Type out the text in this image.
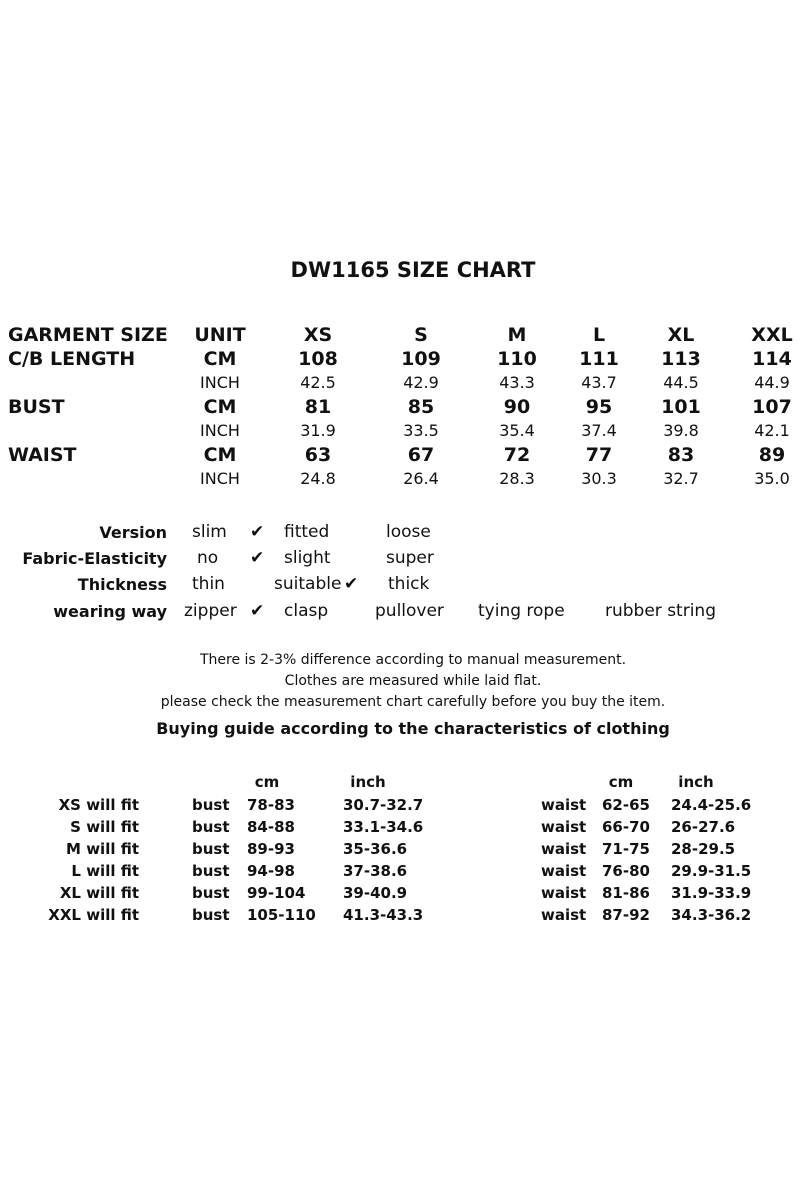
DW1165 SIZE CHART
GARMENT SIZE UNIT	XS	S	M	L	XL	XXL
C/B LENGTH	CM	108	109	110 111 113	114
INCH	42.5	42.9	43.3	43.7	44.5	44.9
BUST	CM	81	85	90	95	101	107
INCH	31.9	33.5	35.4	37.4	39.8	42.1
WAIST	CM	63	67	72	77	83	89
INCH	24.8	26.4	28.3	30.3	32.7	35.0
Version slim ✔ fitted	loose
Fabric-Elasticity no ✔ slight	super
Thickness thin	suitable ✔ thick
wearing way zipper ✔ clasp	pullover tying rope rubber string
There is 2-3% difference according to manual measurement.
Clothes are measured while laid flat.
please check the measurement chart carefully before you buy the item.
Buying guide according to the characteristics of clothing
cm	inch	cm	inch
XS will fit	bust 78-83	30.7-32.7	waist 62-65 24.4-25.6
S will fit	bust 84-88	33.1-34.6	waist 66-70 26-27.6
M will fit	bust 89-93	35-36.6	waist 71-75 28-29.5
L will fit	bust 94-98	37-38.6	waist 76-80 29.9-31.5
XL will fit	bust 99-104	39-40.9	waist 81-86 31.9-33.9
XXL will fit	bust 105-110 41.3-43.3	waist 87-92 34.3-36.2
